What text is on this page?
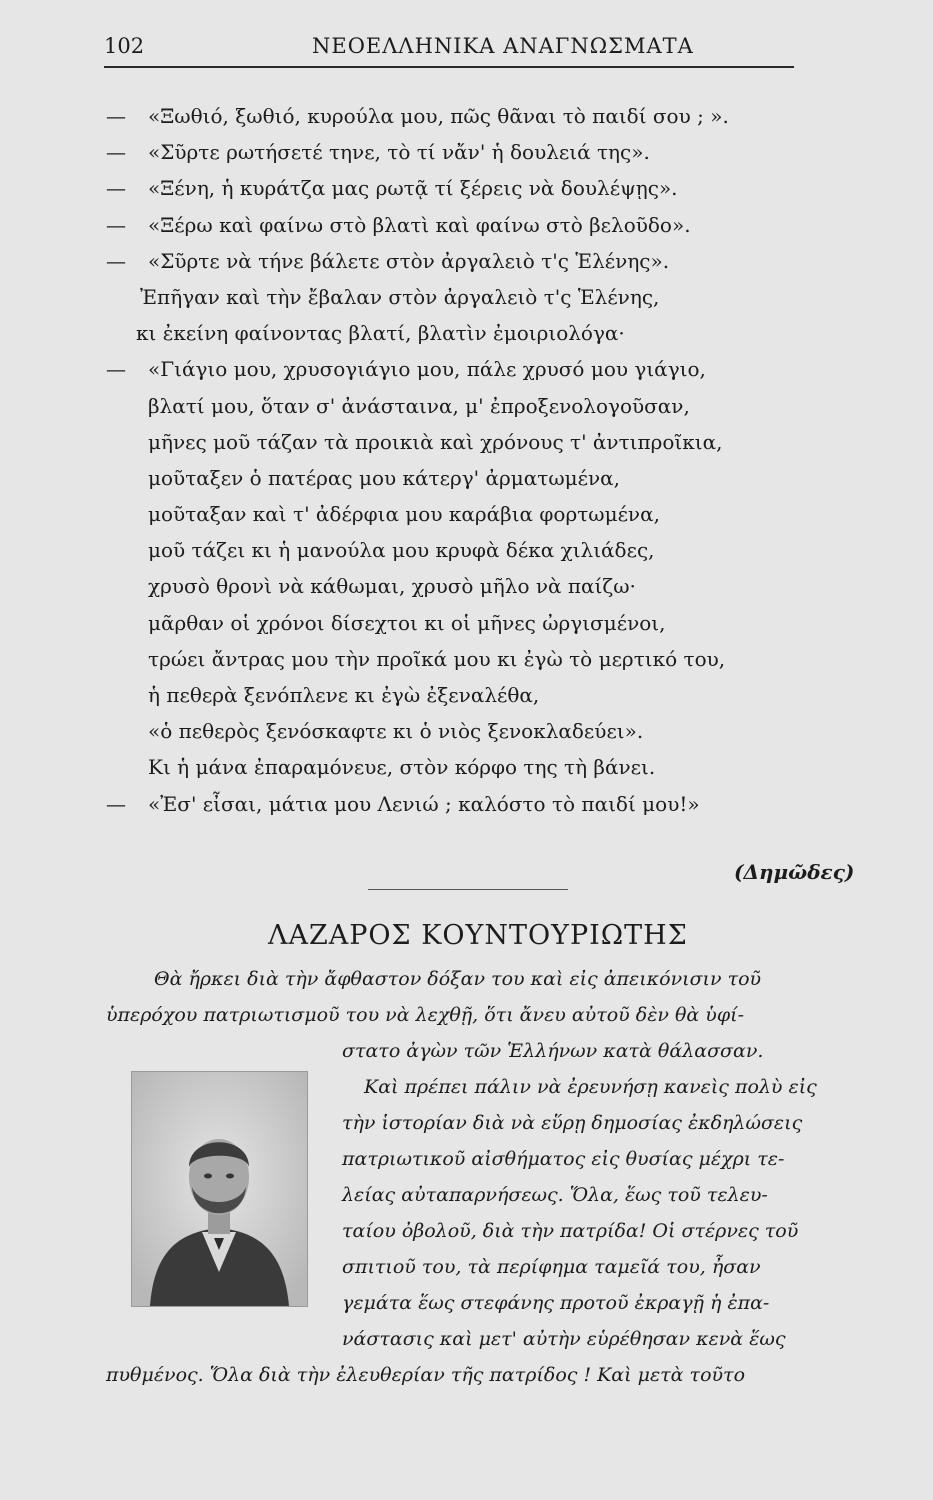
102	ΝΕΟΕΛΛΗΝΙΚΑ ΑΝΑΓΝΩΣΜΑΤΑ
— «Ξωθιό, ξωθιό, κυρούλα μου, πῶς θᾶναι τὸ παιδί σου ; ».
— «Σῦρτε ρωτήσετέ τηνε, τὸ τί νἄν' ἡ δουλειά της».
— «Ξένη, ἡ κυράτζα μας ρωτᾷ τί ξέρεις νὰ δουλέψῃς».
— «Ξέρω καὶ φαίνω στὸ βλατὶ καὶ φαίνω στὸ βελοῦδο».
— «Σῦρτε νὰ τήνε βάλετε στὸν ἀργαλειὸ τ'ς Ἑλένης».
Ἐπῆγαν καὶ τὴν ἔβαλαν στὸν ἀργαλειὸ τ'ς Ἑλένης,
κι ἐκείνη φαίνοντας βλατί, βλατὶν ἐμοιριολόγα·
— «Γιάγιο μου, χρυσογιάγιο μου, πάλε χρυσό μου γιάγιο,
βλατί μου, ὅταν σ' ἀνάσταινα, μ' ἐπροξενολογοῦσαν,
μῆνες μοῦ τάζαν τὰ προικιὰ καὶ χρόνους τ' ἀντιπροῖκια,
μοῦταξεν ὁ πατέρας μου κάτεργ' ἀρματωμένα,
μοῦταξαν καὶ τ' ἀδέρφια μου καράβια φορτωμένα,
μοῦ τάζει κι ἡ μανούλα μου κρυφὰ δέκα χιλιάδες,
χρυσὸ θρονὶ νὰ κάθωμαι, χρυσὸ μῆλο νὰ παίζω·
μᾶρθαν οἱ χρόνοι δίσεχτοι κι οἱ μῆνες ὠργισμένοι,
τρώει ἄντρας μου τὴν προῖκά μου κι ἐγὼ τὸ μερτικό του,
ἡ πεθερὰ ξενόπλενε κι ἐγὼ ἐξεναλέθα,
«ὁ πεθερὸς ξενόσκαφτε κι ὁ νιὸς ξενοκλαδεύει».
Κι ἡ μάνα ἐπαραμόνευε, στὸν κόρφο της τὴ βάνει.
— «Ἐσ' εἶσαι, μάτια μου Λενιώ ; καλόστο τὸ παιδί μου!»
(Δημῶδες)
ΛΑΖΑΡΟΣ ΚΟΥΝΤΟΥΡΙΩΤΗΣ
Θὰ ἤρκει διὰ τὴν ἄφθαστον δόξαν του καὶ εἰς ἀπεικόνισιν τοῦ
ὑπερόχου πατριωτισμοῦ του νὰ λεχθῇ, ὅτι ἄνευ αὐτοῦ δὲν θὰ ὑφί-
στατο ἀγὼν τῶν Ἑλλήνων κατὰ θάλασσαν.
Καὶ πρέπει πάλιν νὰ ἐρευνήσῃ κανεὶς πολὺ εἰς
τὴν ἱστορίαν διὰ νὰ εὕρῃ δημοσίας ἐκδηλώσεις
πατριωτικοῦ αἰσθήματος εἰς θυσίας μέχρι τε-
λείας αὐταπαρνήσεως. Ὅλα, ἕως τοῦ τελευ-
ταίου ὀβολοῦ, διὰ τὴν πατρίδα! Οἱ στέρνες τοῦ
σπιτιοῦ του, τὰ περίφημα ταμεῖά του, ἦσαν
γεμάτα ἕως στεφάνης προτοῦ ἐκραγῇ ἡ ἐπα-
νάστασις καὶ μετ' αὐτὴν εὑρέθησαν κενὰ ἕως
πυθμένος. Ὅλα διὰ τὴν ἐλευθερίαν τῆς πατρίδος ! Καὶ μετὰ τοῦτο
